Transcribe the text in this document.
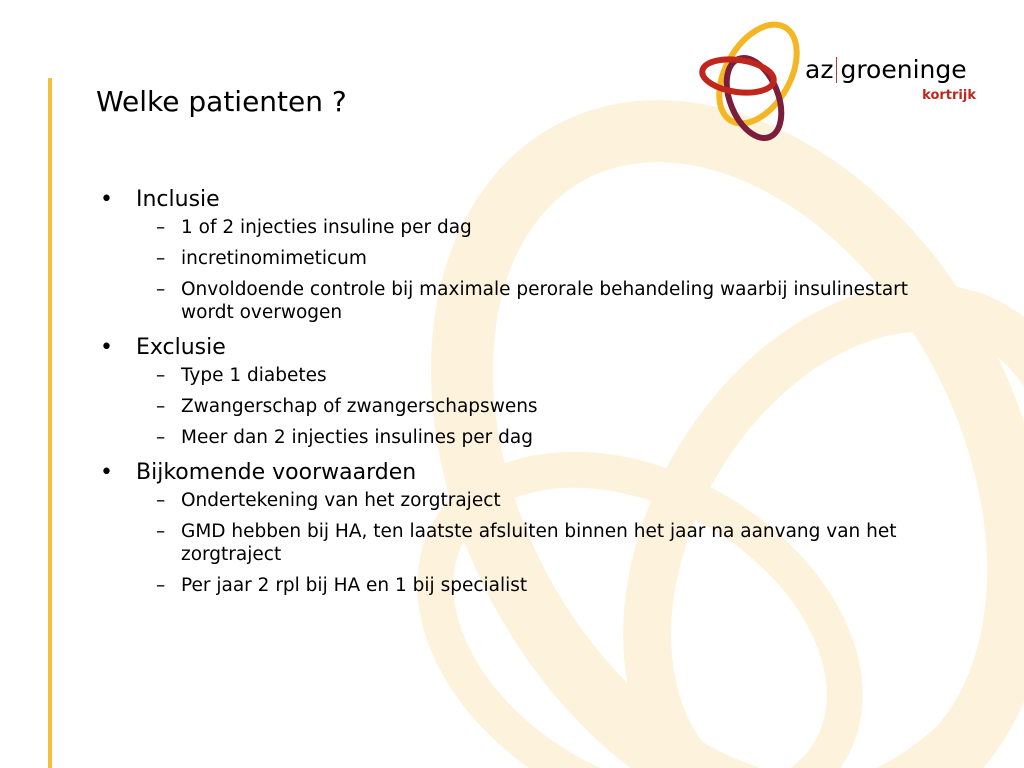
az groeninge
kortrijk
Welke patienten ?
• Inclusie
– 1 of 2 injecties insuline per dag
– incretinomimeticum
– Onvoldoende controle bij maximale perorale behandeling waarbij insulinestart wordt overwogen
• Exclusie
– Type 1 diabetes
– Zwangerschap of zwangerschapswens
– Meer dan 2 injecties insulines per dag
• Bijkomende voorwaarden
– Ondertekening van het zorgtraject
– GMD hebben bij HA, ten laatste afsluiten binnen het jaar na aanvang van het zorgtraject
– Per jaar 2 rpl bij HA en 1 bij specialist
